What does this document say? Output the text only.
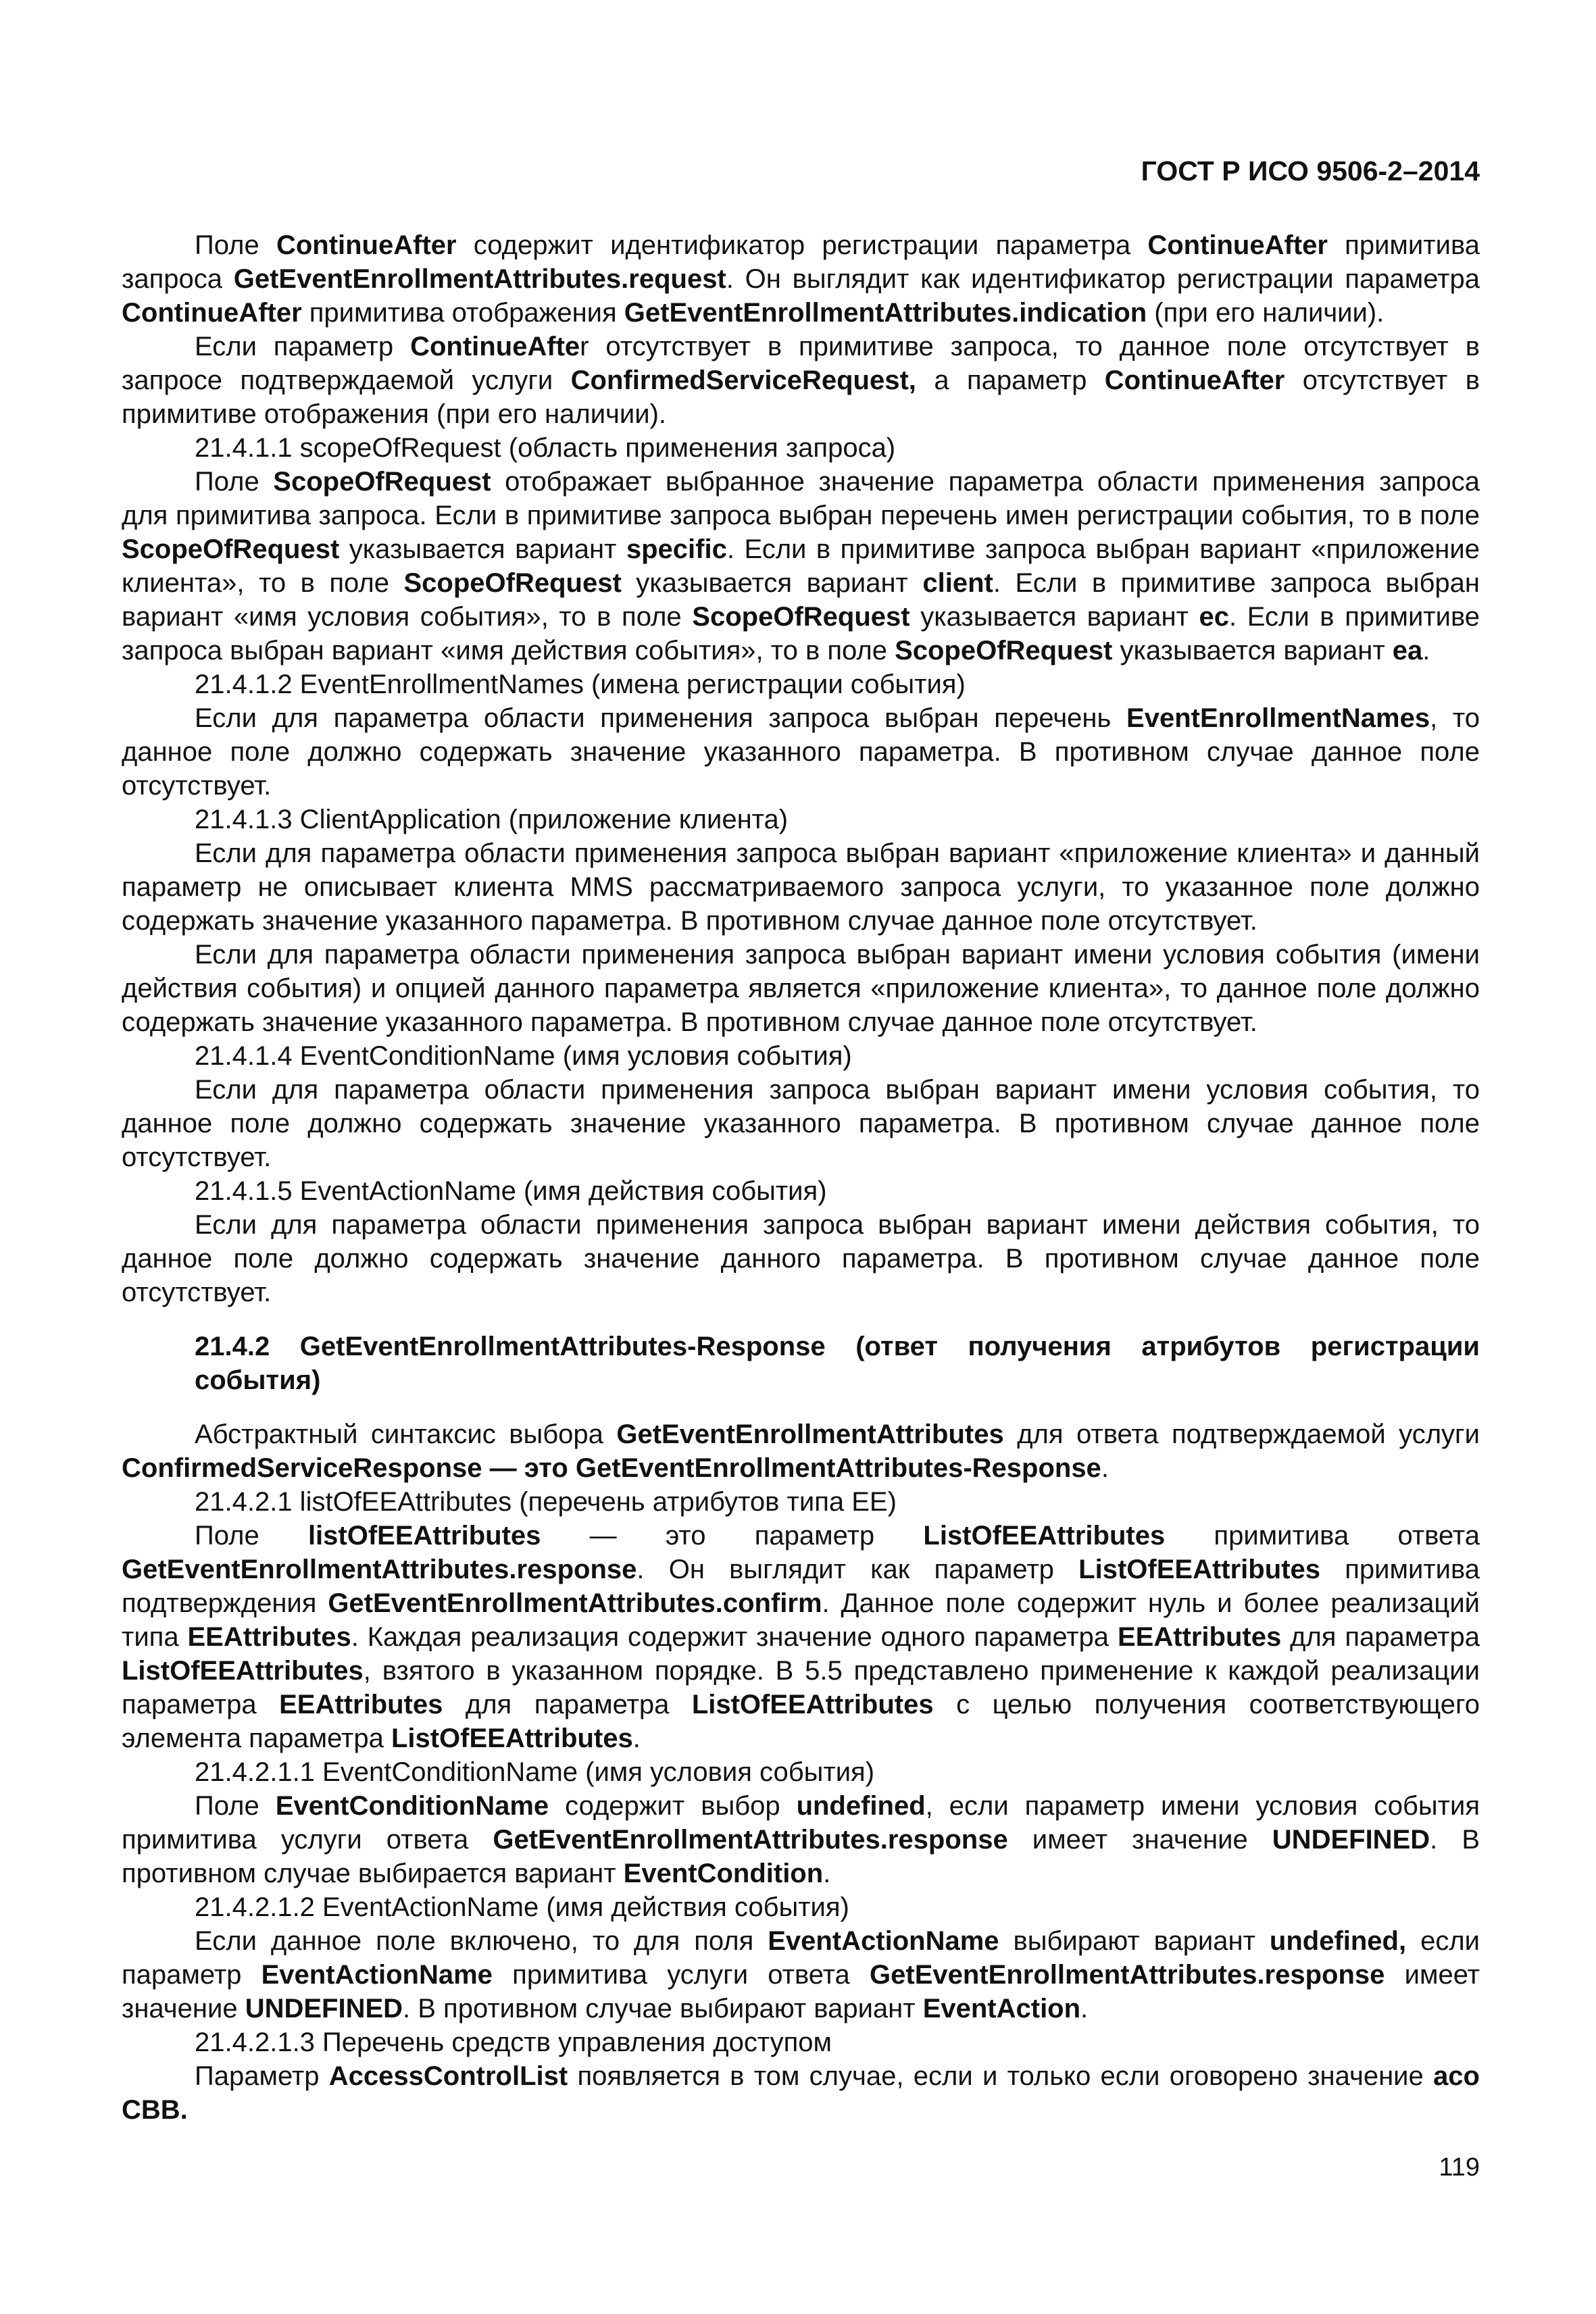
ГОСТ Р ИСО 9506-2–2014

Поле ContinueAfter содержит идентификатор регистрации параметра ContinueAfter примитива запроса GetEventEnrollmentAttributes.request. Он выглядит как идентификатор регистрации параметра ContinueAfter примитива отображения GetEventEnrollmentAttributes.indication (при его наличии).

Если параметр ContinueAfter отсутствует в примитиве запроса, то данное поле отсутствует в запросе подтверждаемой услуги ConfirmedServiceRequest, а параметр ContinueAfter отсутствует в примитиве отображения (при его наличии).

21.4.1.1 scopeOfRequest (область применения запроса)

Поле ScopeOfRequest отображает выбранное значение параметра области применения запроса для примитива запроса. Если в примитиве запроса выбран перечень имен регистрации события, то в поле ScopeOfRequest указывается вариант specific. Если в примитиве запроса выбран вариант «приложение клиента», то в поле ScopeOfRequest указывается вариант client. Если в примитиве запроса выбран вариант «имя условия события», то в поле ScopeOfRequest указывается вариант ec. Если в примитиве запроса выбран вариант «имя действия события», то в поле ScopeOfRequest указывается вариант ea.

21.4.1.2 EventEnrollmentNames (имена регистрации события)

Если для параметра области применения запроса выбран перечень EventEnrollmentNames, то данное поле должно содержать значение указанного параметра. В противном случае данное поле отсутствует.

21.4.1.3 ClientApplication (приложение клиента)

Если для параметра области применения запроса выбран вариант «приложение клиента» и данный параметр не описывает клиента MMS рассматриваемого запроса услуги, то указанное поле должно содержать значение указанного параметра. В противном случае данное поле отсутствует.

Если для параметра области применения запроса выбран вариант имени условия события (имени действия события) и опцией данного параметра является «приложение клиента», то данное поле должно содержать значение указанного параметра. В противном случае данное поле отсутствует.

21.4.1.4 EventConditionName (имя условия события)

Если для параметра области применения запроса выбран вариант имени условия события, то данное поле должно содержать значение указанного параметра. В противном случае данное поле отсутствует.

21.4.1.5 EventActionName (имя действия события)

Если для параметра области применения запроса выбран вариант имени действия события, то данное поле должно содержать значение данного параметра. В противном случае данное поле отсутствует.

21.4.2 GetEventEnrollmentAttributes-Response (ответ получения атрибутов регистрации события)

Абстрактный синтаксис выбора GetEventEnrollmentAttributes для ответа подтверждаемой услуги ConfirmedServiceResponse — это GetEventEnrollmentAttributes-Response.

21.4.2.1 listOfEEAttributes (перечень атрибутов типа EE)

Поле listOfEEAttributes — это параметр ListOfEEAttributes примитива ответа GetEventEnrollmentAttributes.response. Он выглядит как параметр ListOfEEAttributes примитива подтверждения GetEventEnrollmentAttributes.confirm. Данное поле содержит нуль и более реализаций типа EEAttributes. Каждая реализация содержит значение одного параметра EEAttributes для параметра ListOfEEAttributes, взятого в указанном порядке. В 5.5 представлено применение к каждой реализации параметра EEAttributes для параметра ListOfEEAttributes с целью получения соответствующего элемента параметра ListOfEEAttributes.

21.4.2.1.1 EventConditionName (имя условия события)

Поле EventConditionName содержит выбор undefined, если параметр имени условия события примитива услуги ответа GetEventEnrollmentAttributes.response имеет значение UNDEFINED. В противном случае выбирается вариант EventCondition.

21.4.2.1.2 EventActionName (имя действия события)

Если данное поле включено, то для поля EventActionName выбирают вариант undefined, если параметр EventActionName примитива услуги ответа GetEventEnrollmentAttributes.response имеет значение UNDEFINED. В противном случае выбирают вариант EventAction.

21.4.2.1.3 Перечень средств управления доступом

Параметр AccessControlList появляется в том случае, если и только если оговорено значение aco CBB.

119
